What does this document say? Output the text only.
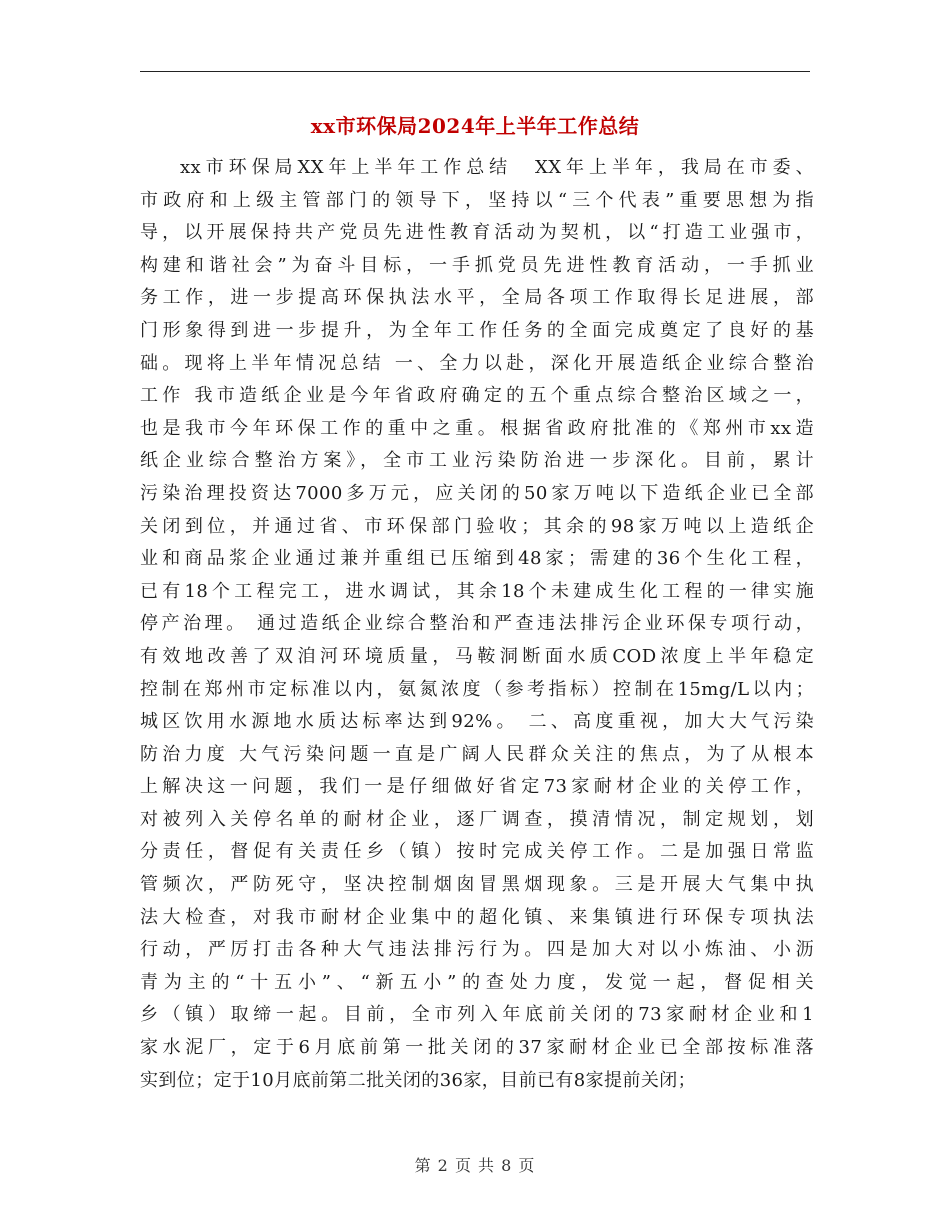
xx市环保局2024年上半年工作总结
xx市环保局XX年上半年工作总结　XX年上半年，我局在市委、
市政府和上级主管部门的领导下，坚持以“三个代表”重要思想为指
导，以开展保持共产党员先进性教育活动为契机，以“打造工业强市，
构建和谐社会”为奋斗目标，一手抓党员先进性教育活动，一手抓业
务工作，进一步提高环保执法水平，全局各项工作取得长足进展，部
门形象得到进一步提升，为全年工作任务的全面完成奠定了良好的基
础。现将上半年情况总结 一、全力以赴，深化开展造纸企业综合整治
工作 我市造纸企业是今年省政府确定的五个重点综合整治区域之一，
也是我市今年环保工作的重中之重。根据省政府批准的《郑州市xx造
纸企业综合整治方案》，全市工业污染防治进一步深化。目前，累计
污染治理投资达7000多万元，应关闭的50家万吨以下造纸企业已全部
关闭到位，并通过省、市环保部门验收；其余的98家万吨以上造纸企
业和商品浆企业通过兼并重组已压缩到48家；需建的36个生化工程，
已有18个工程完工，进水调试，其余18个未建成生化工程的一律实施
停产治理。 通过造纸企业综合整治和严查违法排污企业环保专项行动，
有效地改善了双洎河环境质量，马鞍洞断面水质COD浓度上半年稳定
控制在郑州市定标准以内，氨氮浓度（参考指标）控制在15mg/L以内；
城区饮用水源地水质达标率达到92%。 二、高度重视，加大大气污染
防治力度 大气污染问题一直是广阔人民群众关注的焦点，为了从根本
上解决这一问题，我们一是仔细做好省定73家耐材企业的关停工作，
对被列入关停名单的耐材企业，逐厂调查，摸清情况，制定规划，划
分责任，督促有关责任乡（镇）按时完成关停工作。二是加强日常监
管频次，严防死守，坚决控制烟囱冒黑烟现象。三是开展大气集中执
法大检查，对我市耐材企业集中的超化镇、来集镇进行环保专项执法
行动，严厉打击各种大气违法排污行为。四是加大对以小炼油、小沥
青为主的“十五小”、“新五小”的查处力度，发觉一起，督促相关
乡（镇）取缔一起。目前，全市列入年底前关闭的73家耐材企业和1
家水泥厂，定于6月底前第一批关闭的37家耐材企业已全部按标准落
实到位；定于10月底前第二批关闭的36家，目前已有8家提前关闭；
第 2 页 共 8 页
